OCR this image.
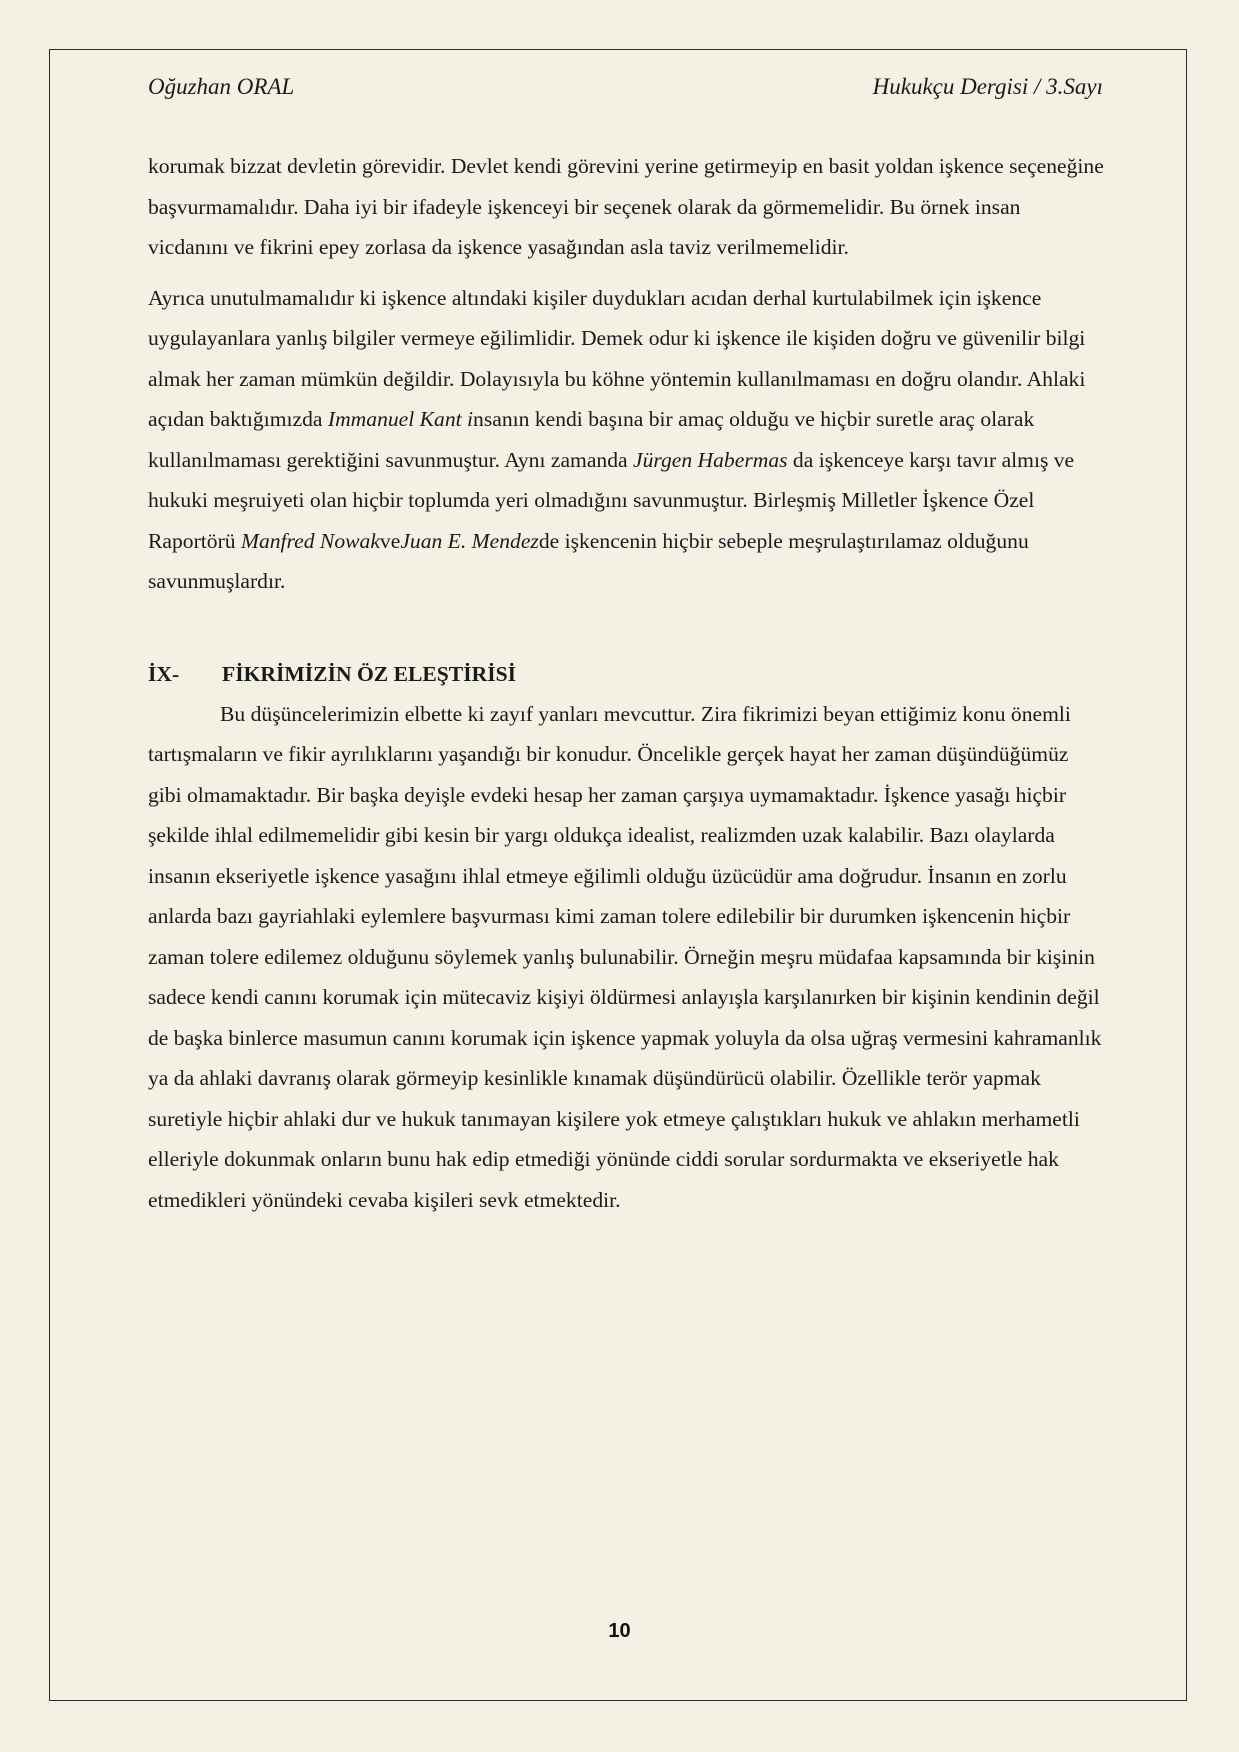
Oğuzhan ORAL	Hukukçu Dergisi / 3.Sayı

korumak bizzat devletin görevidir. Devlet kendi görevini yerine getirmeyip en basit yoldan işkence seçeneğine başvurmamalıdır. Daha iyi bir ifadeyle işkenceyi bir seçenek olarak da görmemelidir. Bu örnek insan vicdanını ve fikrini epey zorlasa da işkence yasağından asla taviz verilmemelidir.

Ayrıca unutulmamalıdır ki işkence altındaki kişiler duydukları acıdan derhal kurtulabilmek için işkence uygulayanlara yanlış bilgiler vermeye eğilimlidir. Demek odur ki işkence ile kişiden doğru ve güvenilir bilgi almak her zaman mümkün değildir. Dolayısıyla bu köhne yöntemin kullanılmaması en doğru olandır. Ahlaki açıdan baktığımızda Immanuel Kant insanın kendi başına bir amaç olduğu ve hiçbir suretle araç olarak kullanılmaması gerektiğini savunmuştur. Aynı zamanda Jürgen Habermas da işkenceye karşı tavır almış ve hukuki meşruiyeti olan hiçbir toplumda yeri olmadığını savunmuştur. Birleşmiş Milletler İşkence Özel Raportörü Manfred NowakveJuan E. Mendezde işkencenin hiçbir sebeple meşrulaştırılamaz olduğunu savunmuşlardır.

İX- FİKRİMİZİN ÖZ ELEŞTİRİSİ

Bu düşüncelerimizin elbette ki zayıf yanları mevcuttur. Zira fikrimizi beyan ettiğimiz konu önemli tartışmaların ve fikir ayrılıklarını yaşandığı bir konudur. Öncelikle gerçek hayat her zaman düşündüğümüz gibi olmamaktadır. Bir başka deyişle evdeki hesap her zaman çarşıya uymamaktadır. İşkence yasağı hiçbir şekilde ihlal edilmemelidir gibi kesin bir yargı oldukça idealist, realizmden uzak kalabilir. Bazı olaylarda insanın ekseriyetle işkence yasağını ihlal etmeye eğilimli olduğu üzücüdür ama doğrudur. İnsanın en zorlu anlarda bazı gayriahlaki eylemlere başvurması kimi zaman tolere edilebilir bir durumken işkencenin hiçbir zaman tolere edilemez olduğunu söylemek yanlış bulunabilir. Örneğin meşru müdafaa kapsamında bir kişinin sadece kendi canını korumak için mütecaviz kişiyi öldürmesi anlayışla karşılanırken bir kişinin kendinin değil de başka binlerce masumun canını korumak için işkence yapmak yoluyla da olsa uğraş vermesini kahramanlık ya da ahlaki davranış olarak görmeyip kesinlikle kınamak düşündürücü olabilir. Özellikle terör yapmak suretiyle hiçbir ahlaki dur ve hukuk tanımayan kişilere yok etmeye çalıştıkları hukuk ve ahlakın merhametli elleriyle dokunmak onların bunu hak edip etmediği yönünde ciddi sorular sordurmakta ve ekseriyetle hak etmedikleri yönündeki cevaba kişileri sevk etmektedir.

10
